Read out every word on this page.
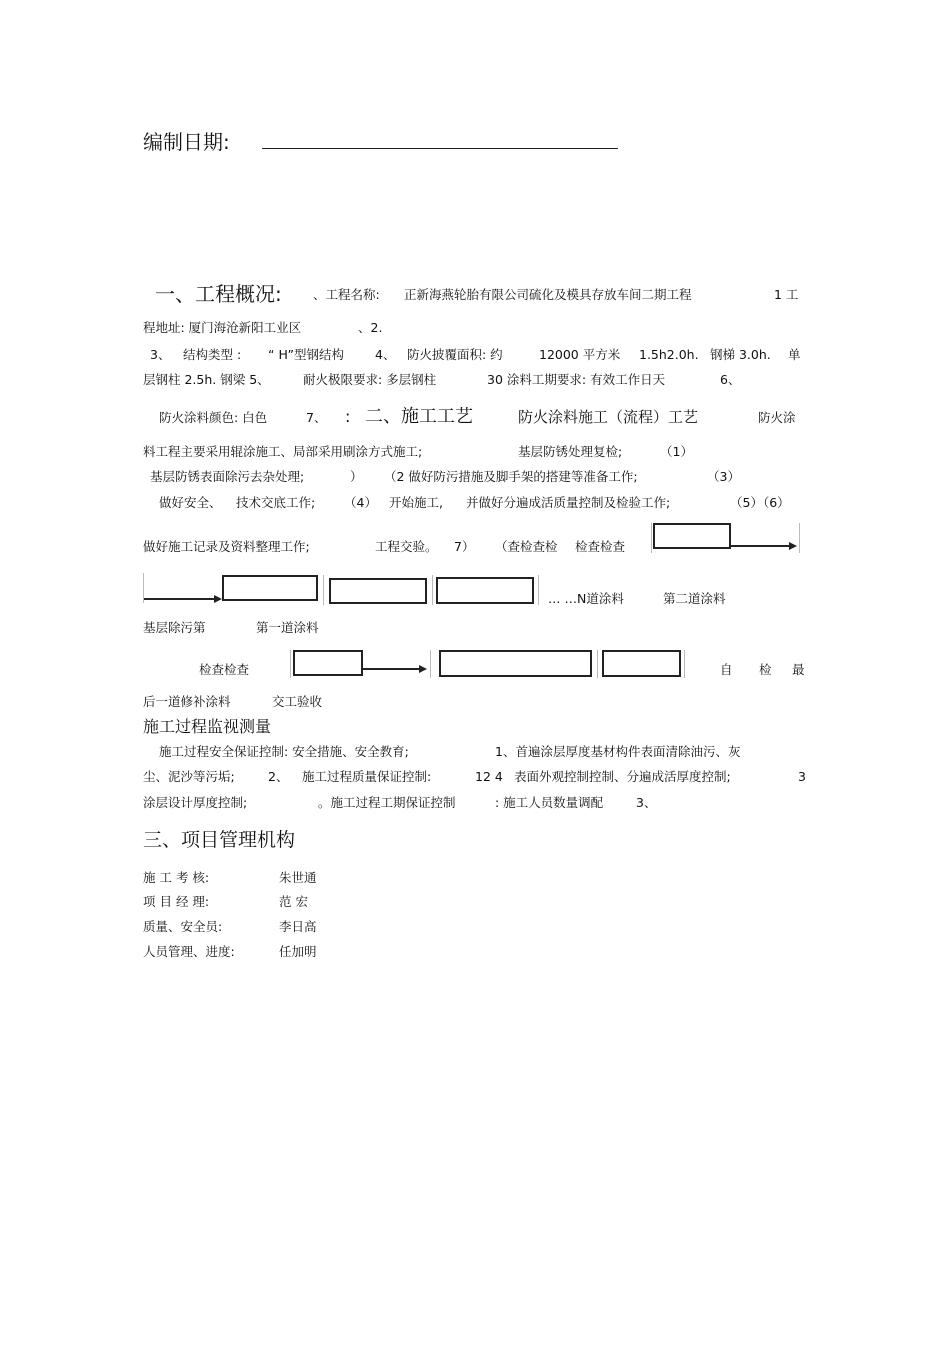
编制日期:
一、工程概况:	、工程名称: 正新海燕轮胎有限公司硫化及模具存放车间二期工程	1 工
程地址: 厦门海沧新阳工业区	、2.
3、 结构类型 : “ H”型钢结构 4、 防火披覆面积: 约	12000 平方米 1.5h2.0h. 钢梯 3.0h. 单
层钢柱 2.5h. 钢梁 5、	耐火极限要求: 多层钢柱	30 涂料工期要求: 有效工作日天	6、
防火涂料颜色: 白色	7、 : 二、施工工艺	防火涂料施工（流程）工艺	防火涂
料工程主要采用辊涂施工、局部采用刷涂方式施工;	基层防锈处理复检;	（1）
基层防锈表面除污去杂处理;	） （2 做好防污措施及脚手架的搭建等准备工作;	（3）
做好安全、 技术交底工作; （4） 开始施工, 并做好分遍成活质量控制及检验工作;	（5）（6）
做好施工记录及资料整理工作;	工程交验。 7） （查检查检 检查检查
… …N道涂料	第二道涂料
基层除污第	第一道涂料
检查检查	自 检 最
后一道修补涂料	交工验收
施工过程监视测量
施工过程安全保证控制: 安全措施、安全教育;	1、首遍涂层厚度基材构件表面清除油污、灰
尘、泥沙等污垢;	2、 施工过程质量保证控制:	12 4 表面外观控制控制、分遍成活厚度控制;	3
涂层设计厚度控制;	。施工过程工期保证控制	: 施工人员数量调配	3、
三、项目管理机构
施 工 考 核:	朱世通
项 目 经 理:	范 宏
质量、安全员:	李日高
人员管理、进度:	任加明
